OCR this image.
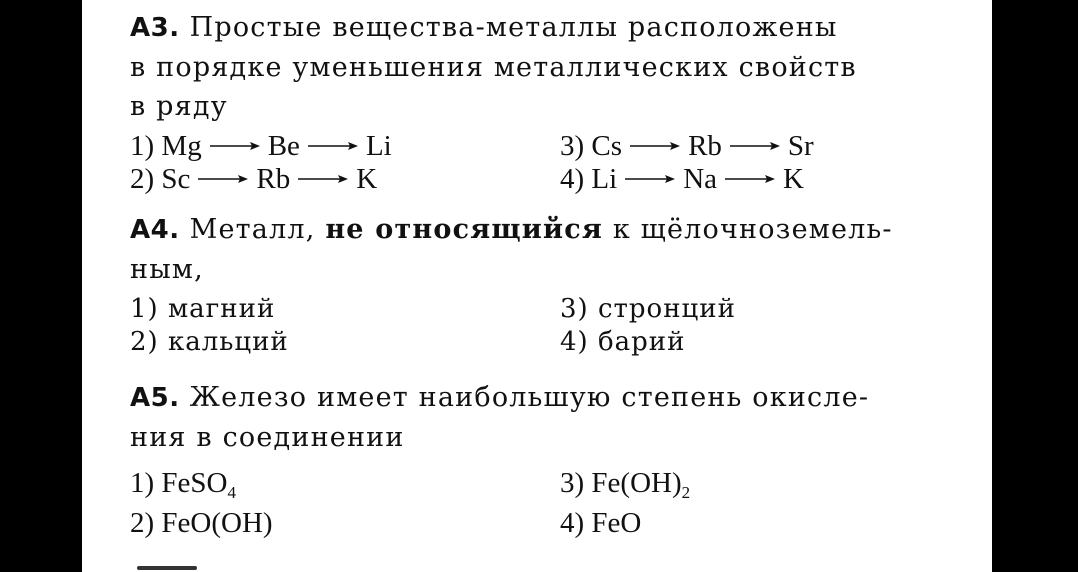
А3. Простые вещества-металлы расположены
в порядке уменьшения металлических свойств
в ряду
1) Mg Be Li
2) Sc Rb K
3) Cs Rb Sr
4) Li Na K
А4. Металл, не относящийся к щёлочноземель-
ным,
1) магний
2) кальций
3) стронций
4) барий
А5. Железо имеет наибольшую степень окисле-
ния в соединении
1) FeSO$_4$
2) FeO(OH)
3) $Fe(OH)_2$
4) FeO
